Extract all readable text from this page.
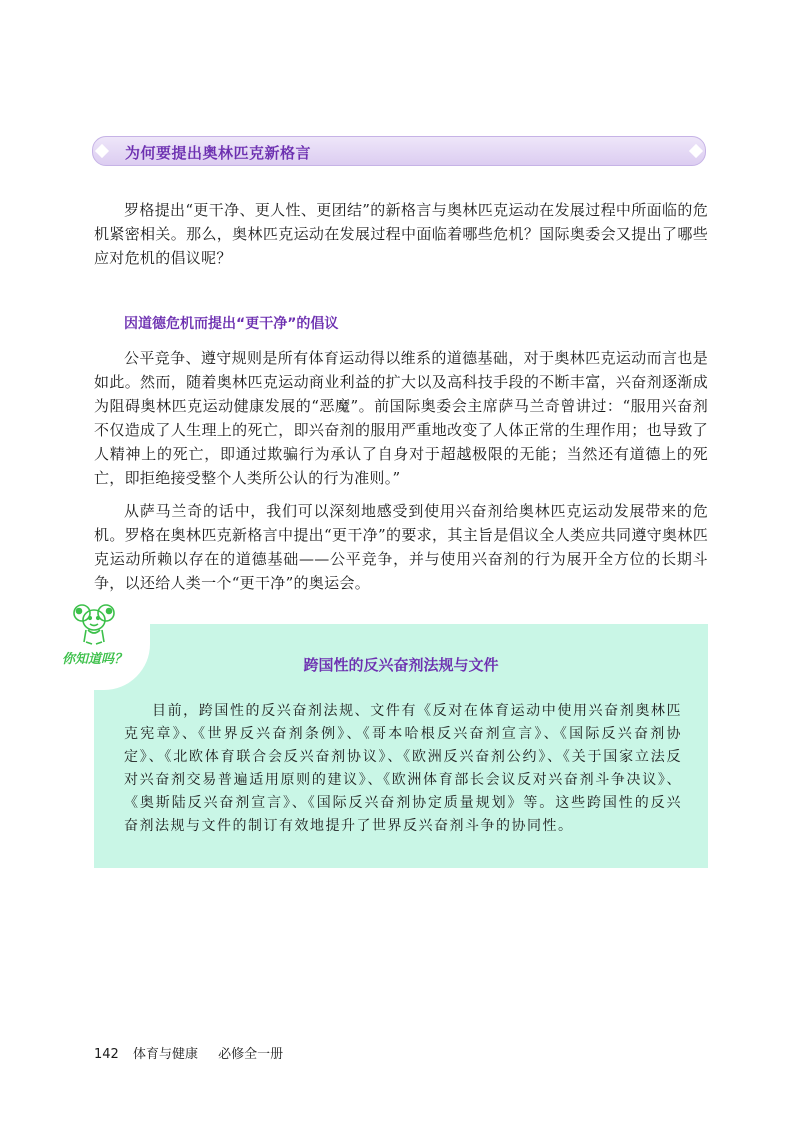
为何要提出奥林匹克新格言

罗格提出“更干净、更人性、更团结”的新格言与奥林匹克运动在发展过程中所面临的危机紧密相关。那么，奥林匹克运动在发展过程中面临着哪些危机？国际奥委会又提出了哪些应对危机的倡议呢？

因道德危机而提出“更干净”的倡议

公平竞争、遵守规则是所有体育运动得以维系的道德基础，对于奥林匹克运动而言也是如此。然而，随着奥林匹克运动商业利益的扩大以及高科技手段的不断丰富，兴奋剂逐渐成为阻碍奥林匹克运动健康发展的“恶魔”。前国际奥委会主席萨马兰奇曾讲过：“服用兴奋剂不仅造成了人生理上的死亡，即兴奋剂的服用严重地改变了人体正常的生理作用；也导致了人精神上的死亡，即通过欺骗行为承认了自身对于超越极限的无能；当然还有道德上的死亡，即拒绝接受整个人类所公认的行为准则。”

从萨马兰奇的话中，我们可以深刻地感受到使用兴奋剂给奥林匹克运动发展带来的危机。罗格在奥林匹克新格言中提出“更干净”的要求，其主旨是倡议全人类应共同遵守奥林匹克运动所赖以存在的道德基础——公平竞争，并与使用兴奋剂的行为展开全方位的长期斗争，以还给人类一个“更干净”的奥运会。

跨国性的反兴奋剂法规与文件

目前，跨国性的反兴奋剂法规、文件有《反对在体育运动中使用兴奋剂奥林匹克宪章》、《世界反兴奋剂条例》、《哥本哈根反兴奋剂宣言》、《国际反兴奋剂协定》、《北欧体育联合会反兴奋剂协议》、《欧洲反兴奋剂公约》、《关于国家立法反对兴奋剂交易普遍适用原则的建议》、《欧洲体育部长会议反对兴奋剂斗争决议》、《奥斯陆反兴奋剂宣言》、《国际反兴奋剂协定质量规划》等。这些跨国性的反兴奋剂法规与文件的制订有效地提升了世界反兴奋剂斗争的协同性。

你知道吗？
142 体育与健康 必修全一册
